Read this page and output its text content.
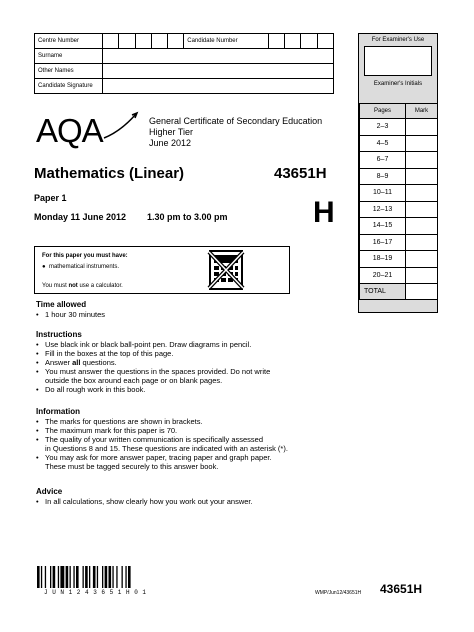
Centre Number						Candidate Number				
Surname										
Other Names										
Candidate Signature										
For Examiner's Use
Examiner's Initials
Pages	Mark
2–3	
4–5	
6–7	
8–9	
10–11	
12–13	
14–15	
16–17	
18–19	
20–21	
TOTAL	
AQA	General Certificate of Secondary Education
Higher Tier
June 2012
Mathematics (Linear)	43651H
Paper 1
Monday 11 June 2012 1.30 pm to 3.00 pm	H
For this paper you must have:
●  mathematical instruments.
You must not use a calculator.
Time allowed
• 1 hour 30 minutes
Instructions
• Use black ink or black ball-point pen. Draw diagrams in pencil.
• Fill in the boxes at the top of this page.
• Answer all questions.
• You must answer the questions in the spaces provided. Do not write
outside the box around each page or on blank pages.
• Do all rough work in this book.
Information
• The marks for questions are shown in brackets.
• The maximum mark for this paper is 70.
• The quality of your written communication is specifically assessed
in Questions 8 and 15. These questions are indicated with an asterisk (*).
• You may ask for more answer paper, tracing paper and graph paper.
These must be tagged securely to this answer book.
Advice
• In all calculations, show clearly how you work out your answer.
J U N 1 2 4 3 6 5 1 H 0 1	WMP/Jun12/43651H 43651H
